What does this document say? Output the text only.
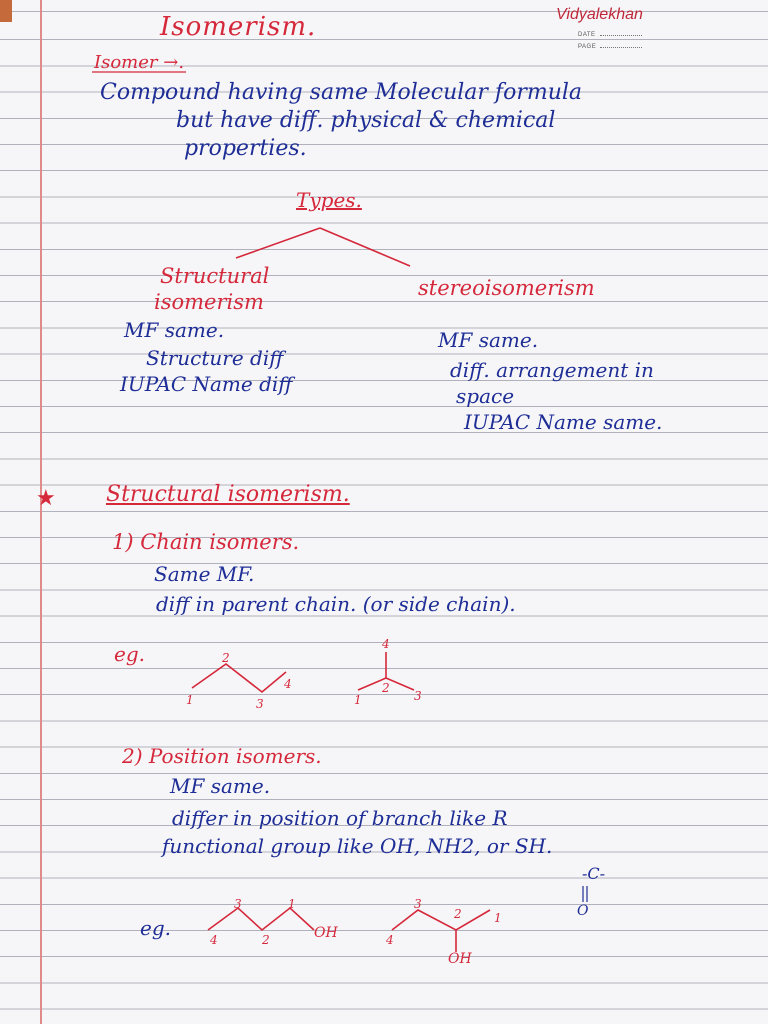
Vidyalekhan
DATE
PAGE
Isomerism.
Isomer →.
Compound having same Molecular formula
but have diff. physical & chemical
properties.
Types.
Structural
isomerism
stereoisomerism
MF same.
Structure diff
IUPAC Name diff
MF same.
diff. arrangement in
space
IUPAC Name same.
★ Structural isomerism.
1) Chain isomers.
Same MF.
diff in parent chain. (or side chain).
eg.
2) Position isomers.
MF same.
differ in position of branch like R
functional group like OH, NH2, or SH.
-C-
O
eg.
1
2
3
4
4
1
2
3
4
3
2
1
OH	4
3
2	1
OH
